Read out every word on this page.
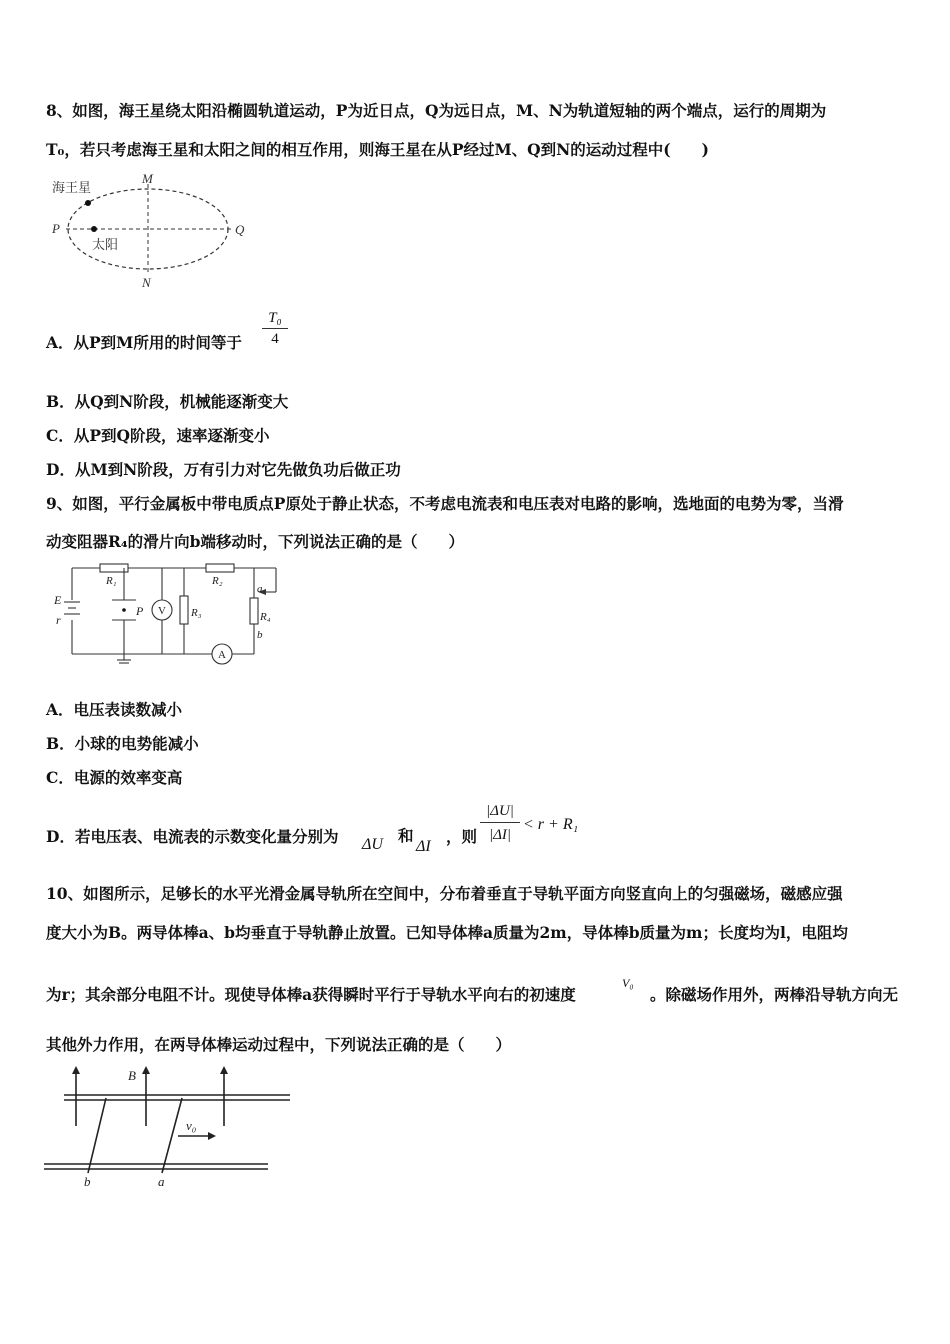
8、如图，海王星绕太阳沿椭圆轨道运动，P为近日点，Q为远日点，M、N为轨道短轴的两个端点，运行的周期为
T₀，若只考虑海王星和太阳之间的相互作用，则海王星在从P经过M、Q到N的运动过程中(　　)
海王星
太阳
M
N
P	Q
A．从P到M所用的时间等于 $\frac{\text{T₀}}{4}$
B．从Q到N阶段，机械能逐渐变大
C．从P到Q阶段，速率逐渐变小
D．从M到N阶段，万有引力对它先做负功后做正功
9、如图，平行金属板中带电质点P原处于静止状态，不考虑电流表和电压表对电路的影响，选地面的电势为零，当滑
动变阻器R₄的滑片向b端移动时，下列说法正确的是（　　）
E
r
R₁	R₂
R₃	R₄
P V
A
a
b
A．电压表读数减小
B．小球的电势能减小
C．电源的效率变高
D．若电压表、电流表的示数变化量分别为 ΔU 和
ΔI
，则 $\frac{|\Delta U|}{|\Delta I|} < r + R_1$
10、如图所示，足够长的水平光滑金属导轨所在空间中，分布着垂直于导轨平面方向竖直向上的匀强磁场，磁感应强
度大小为B。两导体棒a、b均垂直于导轨静止放置。已知导体棒a质量为2m，导体棒b质量为m；长度均为l，电阻均
为r；其余部分电阻不计。现使导体棒a获得瞬时平行于导轨水平向右的初速度
V₀
。除磁场作用外，两棒沿导轨方向无
其他外力作用，在两导体棒运动过程中，下列说法正确的是（　　）
B
v₀
b	a
